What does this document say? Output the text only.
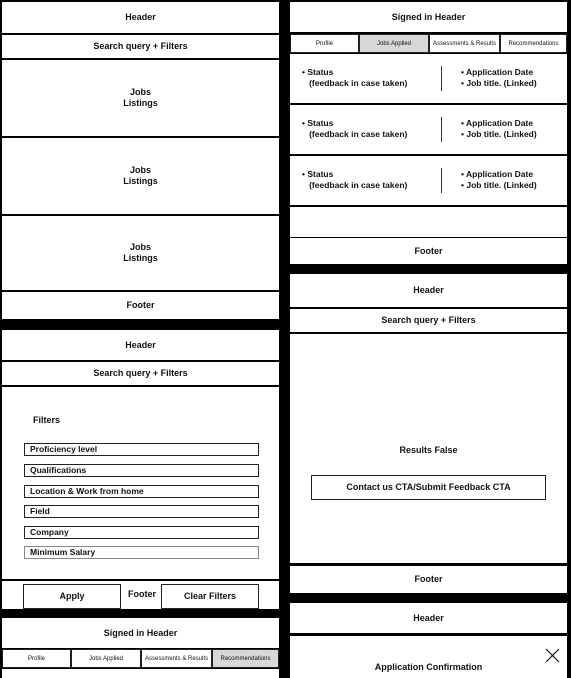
Header
Search query + Filters
Jobs
Listings
Jobs
Listings
Jobs
Listings
Footer
Signed in Header
Profile	Jobs Applied	Assessments & Results Recommendations
• Status
(feedback in case taken)
• Application Date
• Job title. (Linked)
• Status
(feedback in case taken)
• Application Date
• Job title. (Linked)
• Status
(feedback in case taken)
• Application Date
• Job title. (Linked)
Footer
Header
Search query + Filters
Results False
Contact us CTA/Submit Feedback CTA
Footer
Header
Search query + Filters
Filters
Proficiency level
Qualifications
Location & Work from home
Field
Company
Minimum Salary
Apply	Footer	Clear Filters
Signed in Header
Profile	Jobs Applied	Assessments & Results Recommendations
Header
Application Confirmation
